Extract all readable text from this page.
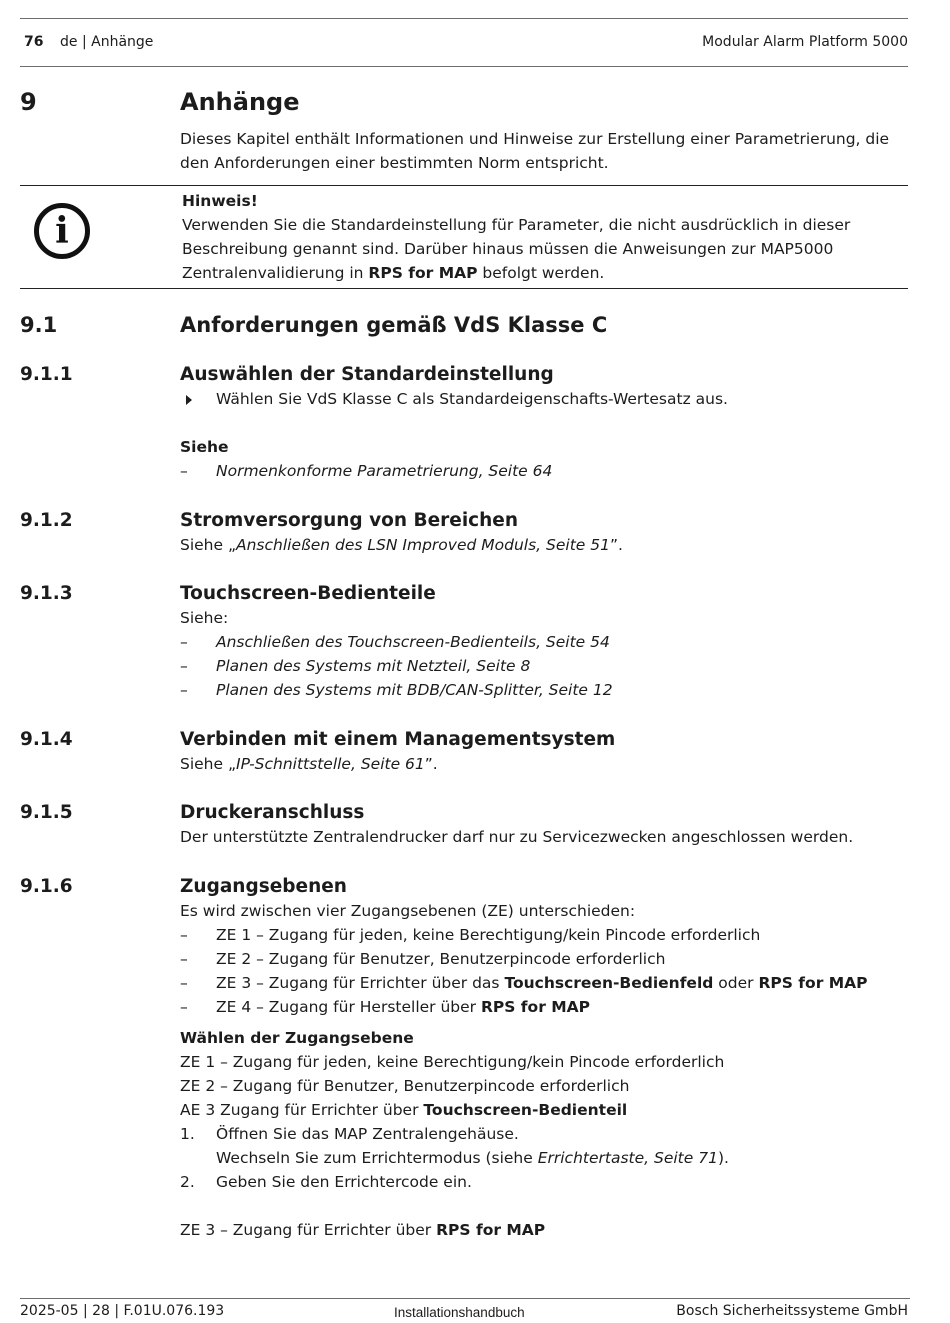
76 de | Anhänge	Modular Alarm Platform 5000
9	Anhänge
Dieses Kapitel enthält Informationen und Hinweise zur Erstellung einer Parametrierung, die
den Anforderungen einer bestimmten Norm entspricht.
i
Hinweis!
Verwenden Sie die Standardeinstellung für Parameter, die nicht ausdrücklich in dieser
Beschreibung genannt sind. Darüber hinaus müssen die Anweisungen zur MAP5000
Zentralenvalidierung in RPS for MAP befolgt werden.
9.1	Anforderungen gemäß VdS Klasse C
9.1.1	Auswählen der Standardeinstellung
Wählen Sie VdS Klasse C als Standardeigenschafts-Wertesatz aus.
Siehe
–	Normenkonforme Parametrierung, Seite 64
9.1.2	Stromversorgung von Bereichen
Siehe „Anschließen des LSN Improved Moduls, Seite 51”.
9.1.3	Touchscreen-Bedienteile
Siehe:
–	Anschließen des Touchscreen-Bedienteils, Seite 54
–	Planen des Systems mit Netzteil, Seite 8
–	Planen des Systems mit BDB/CAN-Splitter, Seite 12
9.1.4	Verbinden mit einem Managementsystem
Siehe „IP-Schnittstelle, Seite 61”.
9.1.5	Druckeranschluss
Der unterstützte Zentralendrucker darf nur zu Servicezwecken angeschlossen werden.
9.1.6	Zugangsebenen
Es wird zwischen vier Zugangsebenen (ZE) unterschieden:
–	ZE 1 – Zugang für jeden, keine Berechtigung/kein Pincode erforderlich
–	ZE 2 – Zugang für Benutzer, Benutzerpincode erforderlich
–	ZE 3 – Zugang für Errichter über das Touchscreen-Bedienfeld oder RPS for MAP
–	ZE 4 – Zugang für Hersteller über RPS for MAP
Wählen der Zugangsebene
ZE 1 – Zugang für jeden, keine Berechtigung/kein Pincode erforderlich
ZE 2 – Zugang für Benutzer, Benutzerpincode erforderlich
AE 3 Zugang für Errichter über Touchscreen-Bedienteil
1.	Öffnen Sie das MAP Zentralengehäuse.
Wechseln Sie zum Errichtermodus (siehe Errichtertaste, Seite 71).
2.	Geben Sie den Errichtercode ein.
ZE 3 – Zugang für Errichter über RPS for MAP
2025-05 | 28 | F.01U.076.193	Installationshandbuch	Bosch Sicherheitssysteme GmbH
